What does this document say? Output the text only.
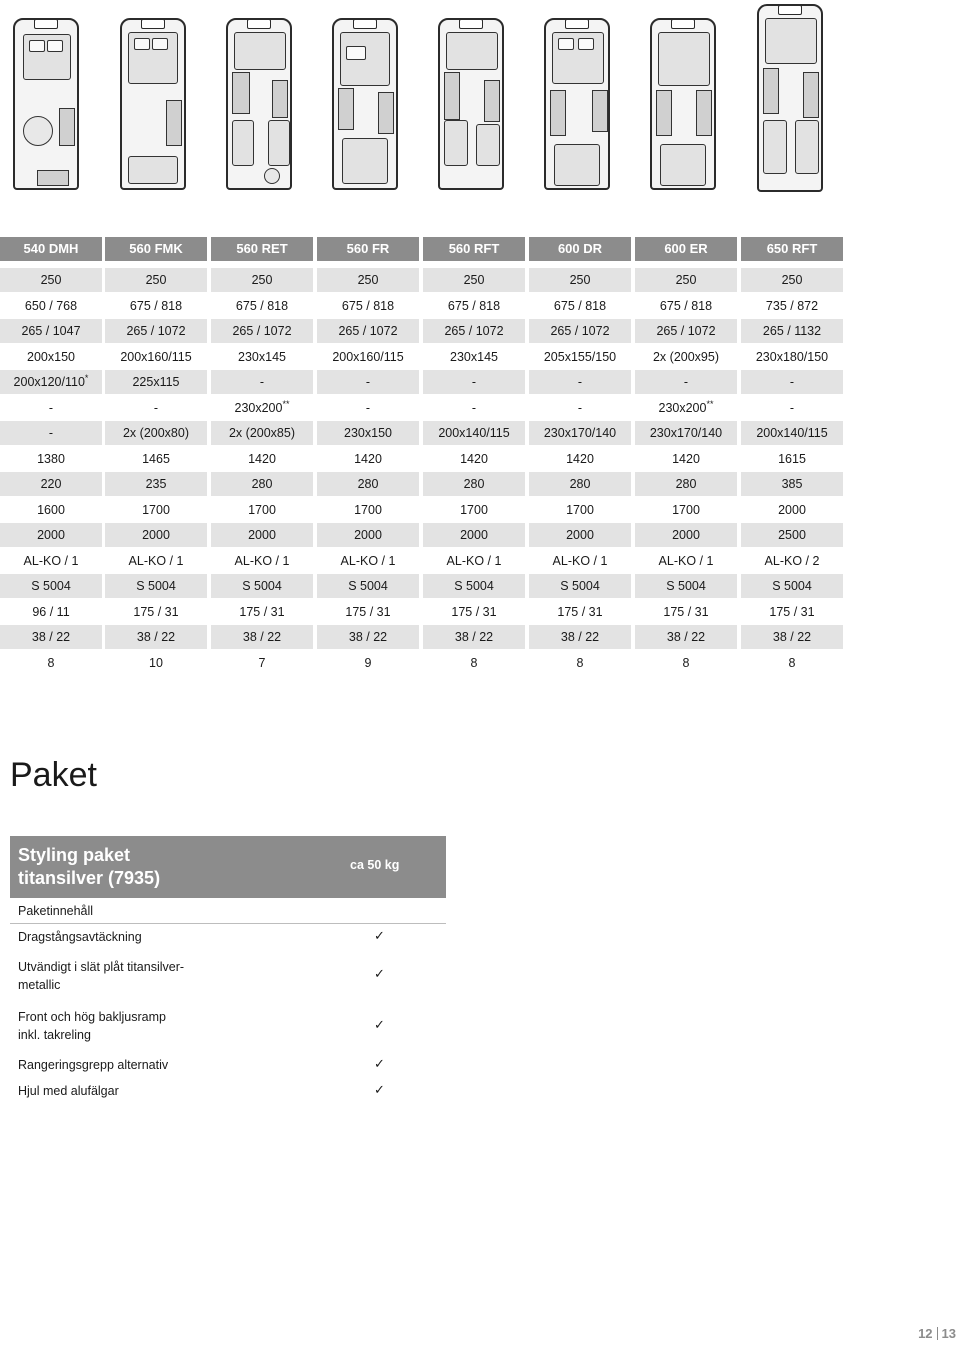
540 DMH	560 FMK	560 RET	560 FR	560 RFT	600 DR	600 ER	650 RFT
250	250	250	250	250	250	250	250
650 / 768	675 / 818	675 / 818	675 / 818	675 / 818	675 / 818	675 / 818	735 / 872
265 / 1047	265 / 1072	265 / 1072	265 / 1072	265 / 1072	265 / 1072	265 / 1072	265 / 1132
200x150	200x160/115	230x145	200x160/115	230x145	205x155/150	2x (200x95)	230x180/150
200x120/110*	225x115	-	-	-	-	-	-
-	-	230x200**	-	-	-	230x200**	-
-	2x (200x80)	2x (200x85)	230x150	200x140/115	230x170/140	230x170/140	200x140/115
1380	1465	1420	1420	1420	1420	1420	1615
220	235	280	280	280	280	280	385
1600	1700	1700	1700	1700	1700	1700	2000
2000	2000	2000	2000	2000	2000	2000	2500
AL-KO / 1	AL-KO / 1	AL-KO / 1	AL-KO / 1	AL-KO / 1	AL-KO / 1	AL-KO / 1	AL-KO / 2
S 5004	S 5004	S 5004	S 5004	S 5004	S 5004	S 5004	S 5004
96 / 11	175 / 31	175 / 31	175 / 31	175 / 31	175 / 31	175 / 31	175 / 31
38 / 22	38 / 22	38 / 22	38 / 22	38 / 22	38 / 22	38 / 22	38 / 22
8	10	7	9	8	8	8	8
Paket
Styling paket titansilver (7935)
ca 50 kg
Paketinnehåll
Dragstångsavtäckning	✓
Utvändigt i slät plåt titansilver-metallic
✓
Front och hög bakljusramp inkl. takreling
✓
Rangeringsgrepp alternativ	✓
Hjul med alufälgar	✓
12 13
